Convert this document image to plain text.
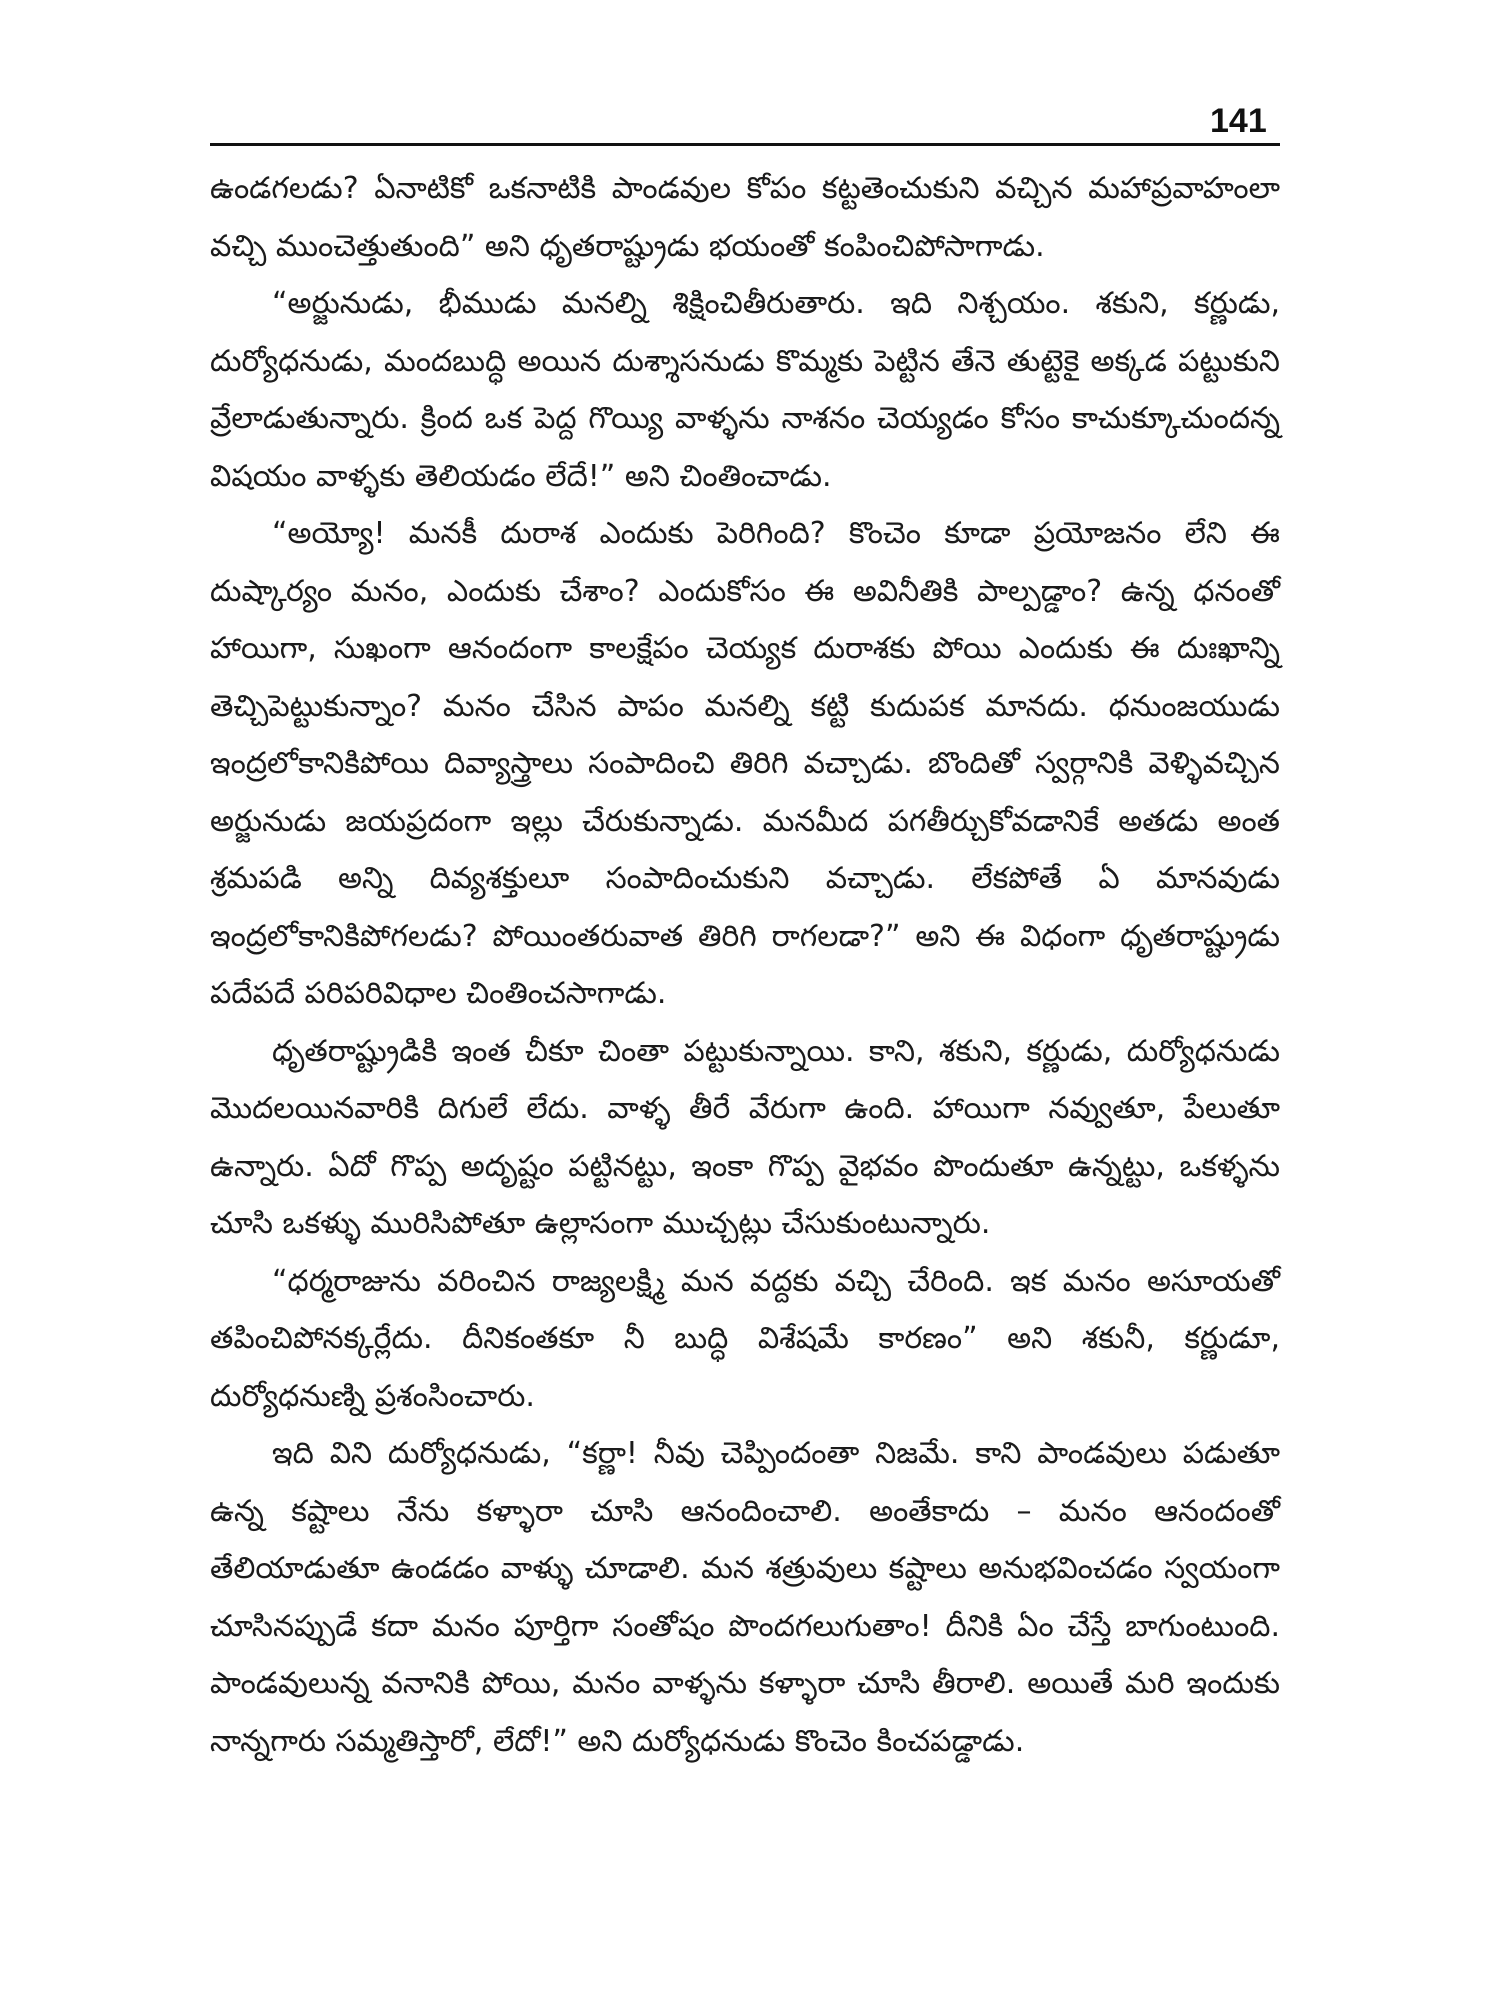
141

ఉండగలడు? ఏనాటికో ఒకనాటికి పాండవుల కోపం కట్టతెంచుకుని వచ్చిన మహాప్రవాహంలా వచ్చి ముంచెత్తుతుంది” అని ధృతరాష్ట్రుడు భయంతో కంపించిపోసాగాడు.

“అర్జునుడు, భీముడు మనల్ని శిక్షించితీరుతారు. ఇది నిశ్చయం. శకుని, కర్ణుడు, దుర్యోధనుడు, మందబుద్ధి అయిన దుశ్శాసనుడు కొమ్మకు పెట్టిన తేనె తుట్టెకై అక్కడ పట్టుకుని వ్రేలాడుతున్నారు. క్రింద ఒక పెద్ద గొయ్యి వాళ్ళను నాశనం చెయ్యడం కోసం కాచుక్కూచుందన్న విషయం వాళ్ళకు తెలియడం లేదే!” అని చింతించాడు.

“అయ్యో! మనకీ దురాశ ఎందుకు పెరిగింది? కొంచెం కూడా ప్రయోజనం లేని ఈ దుష్కార్యం మనం, ఎందుకు చేశాం? ఎందుకోసం ఈ అవినీతికి పాల్పడ్డాం? ఉన్న ధనంతో హాయిగా, సుఖంగా ఆనందంగా కాలక్షేపం చెయ్యక దురాశకు పోయి ఎందుకు ఈ దుఃఖాన్ని తెచ్చిపెట్టుకున్నాం? మనం చేసిన పాపం మనల్ని కట్టి కుదుపక మానదు. ధనుంజయుడు ఇంద్రలోకానికిపోయి దివ్యాస్త్రాలు సంపాదించి తిరిగి వచ్చాడు. బొందితో స్వర్గానికి వెళ్ళివచ్చిన అర్జునుడు జయప్రదంగా ఇల్లు చేరుకున్నాడు. మనమీద పగతీర్చుకోవడానికే అతడు అంత శ్రమపడి అన్ని దివ్యశక్తులూ సంపాదించుకుని వచ్చాడు. లేకపోతే ఏ మానవుడు ఇంద్రలోకానికిపోగలడు? పోయింతరువాత తిరిగి రాగలడా?” అని ఈ విధంగా ధృతరాష్ట్రుడు పదేపదే పరిపరివిధాల చింతించసాగాడు.

ధృతరాష్ట్రుడికి ఇంత చీకూ చింతా పట్టుకున్నాయి. కాని, శకుని, కర్ణుడు, దుర్యోధనుడు మొదలయినవారికి దిగులే లేదు. వాళ్ళ తీరే వేరుగా ఉంది. హాయిగా నవ్వుతూ, పేలుతూ ఉన్నారు. ఏదో గొప్ప అదృష్టం పట్టినట్టు, ఇంకా గొప్ప వైభవం పొందుతూ ఉన్నట్టు, ఒకళ్ళను చూసి ఒకళ్ళు మురిసిపోతూ ఉల్లాసంగా ముచ్చట్లు చేసుకుంటున్నారు.

“ధర్మరాజును వరించిన రాజ్యలక్ష్మి మన వద్దకు వచ్చి చేరింది. ఇక మనం అసూయతో తపించిపోనక్కర్లేదు. దీనికంతకూ నీ బుద్ధి విశేషమే కారణం” అని శకునీ, కర్ణుడూ, దుర్యోధనుణ్ని ప్రశంసించారు.

ఇది విని దుర్యోధనుడు, “కర్ణా! నీవు చెప్పిందంతా నిజమే. కాని పాండవులు పడుతూ ఉన్న కష్టాలు నేను కళ్ళారా చూసి ఆనందించాలి. అంతేకాదు – మనం ఆనందంతో తేలియాడుతూ ఉండడం వాళ్ళు చూడాలి. మన శత్రువులు కష్టాలు అనుభవించడం స్వయంగా చూసినప్పుడే కదా మనం పూర్తిగా సంతోషం పొందగలుగుతాం! దీనికి ఏం చేస్తే బాగుంటుంది. పాండవులున్న వనానికి పోయి, మనం వాళ్ళను కళ్ళారా చూసి తీరాలి. అయితే మరి ఇందుకు నాన్నగారు సమ్మతిస్తారో, లేదో!” అని దుర్యోధనుడు కొంచెం కించపడ్డాడు.
